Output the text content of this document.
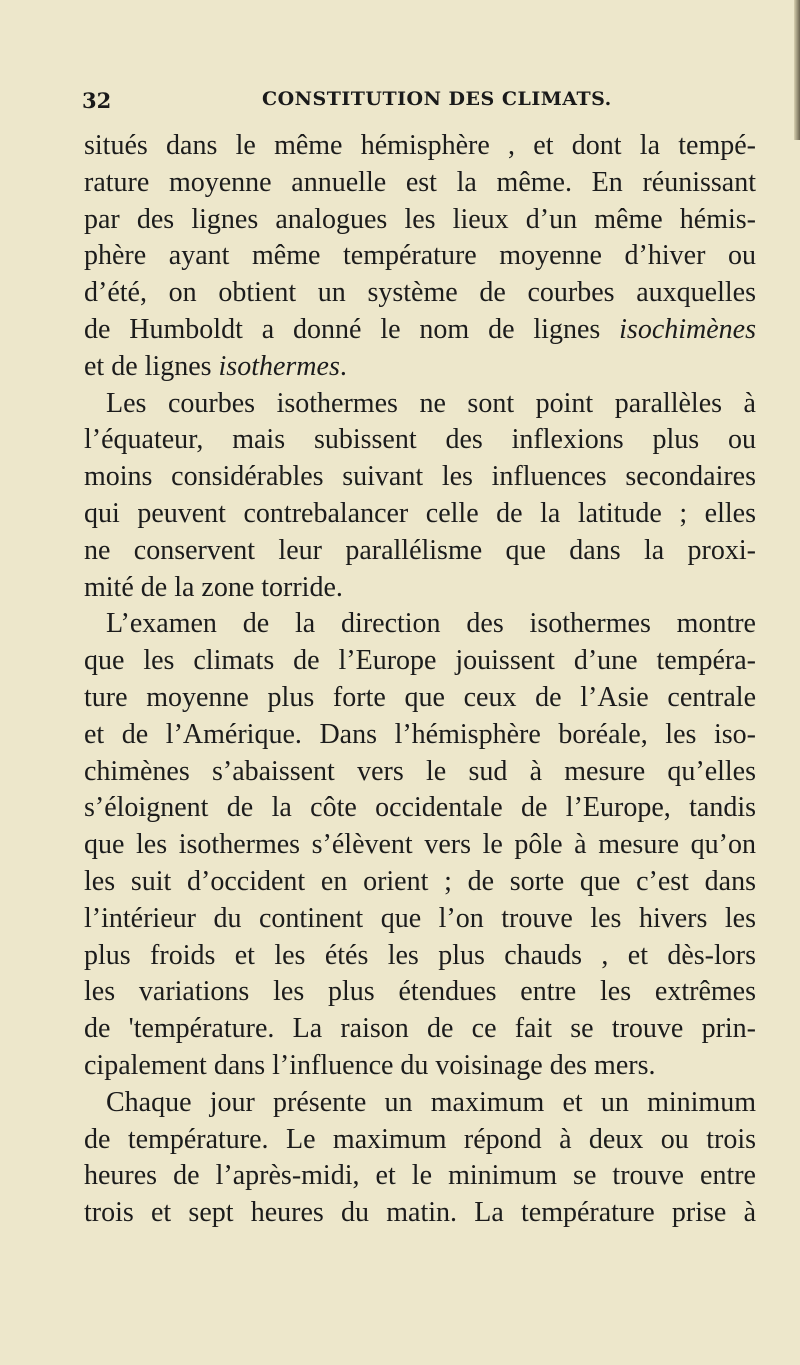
32	CONSTITUTION DES CLIMATS.
situés dans le même hémisphère , et dont la tempé-
rature moyenne annuelle est la même. En réunissant
par des lignes analogues les lieux d’un même hémis-
phère ayant même température moyenne d’hiver ou
d’été, on obtient un système de courbes auxquelles
de Humboldt a donné le nom de lignes isochimènes
et de lignes isothermes.
Les courbes isothermes ne sont point parallèles à
l’équateur, mais subissent des inflexions plus ou
moins considérables suivant les influences secondaires
qui peuvent contrebalancer celle de la latitude ; elles
ne conservent leur parallélisme que dans la proxi-
mité de la zone torride.
L’examen de la direction des isothermes montre
que les climats de l’Europe jouissent d’une tempéra-
ture moyenne plus forte que ceux de l’Asie centrale
et de l’Amérique. Dans l’hémisphère boréale, les iso-
chimènes s’abaissent vers le sud à mesure qu’elles
s’éloignent de la côte occidentale de l’Europe, tandis
que les isothermes s’élèvent vers le pôle à mesure qu’on
les suit d’occident en orient ; de sorte que c’est dans
l’intérieur du continent que l’on trouve les hivers les
plus froids et les étés les plus chauds , et dès-lors
les variations les plus étendues entre les extrêmes
de 'température. La raison de ce fait se trouve prin-
cipalement dans l’influence du voisinage des mers.
Chaque jour présente un maximum et un minimum
de température. Le maximum répond à deux ou trois
heures de l’après-midi, et le minimum se trouve entre
trois et sept heures du matin. La température prise à
